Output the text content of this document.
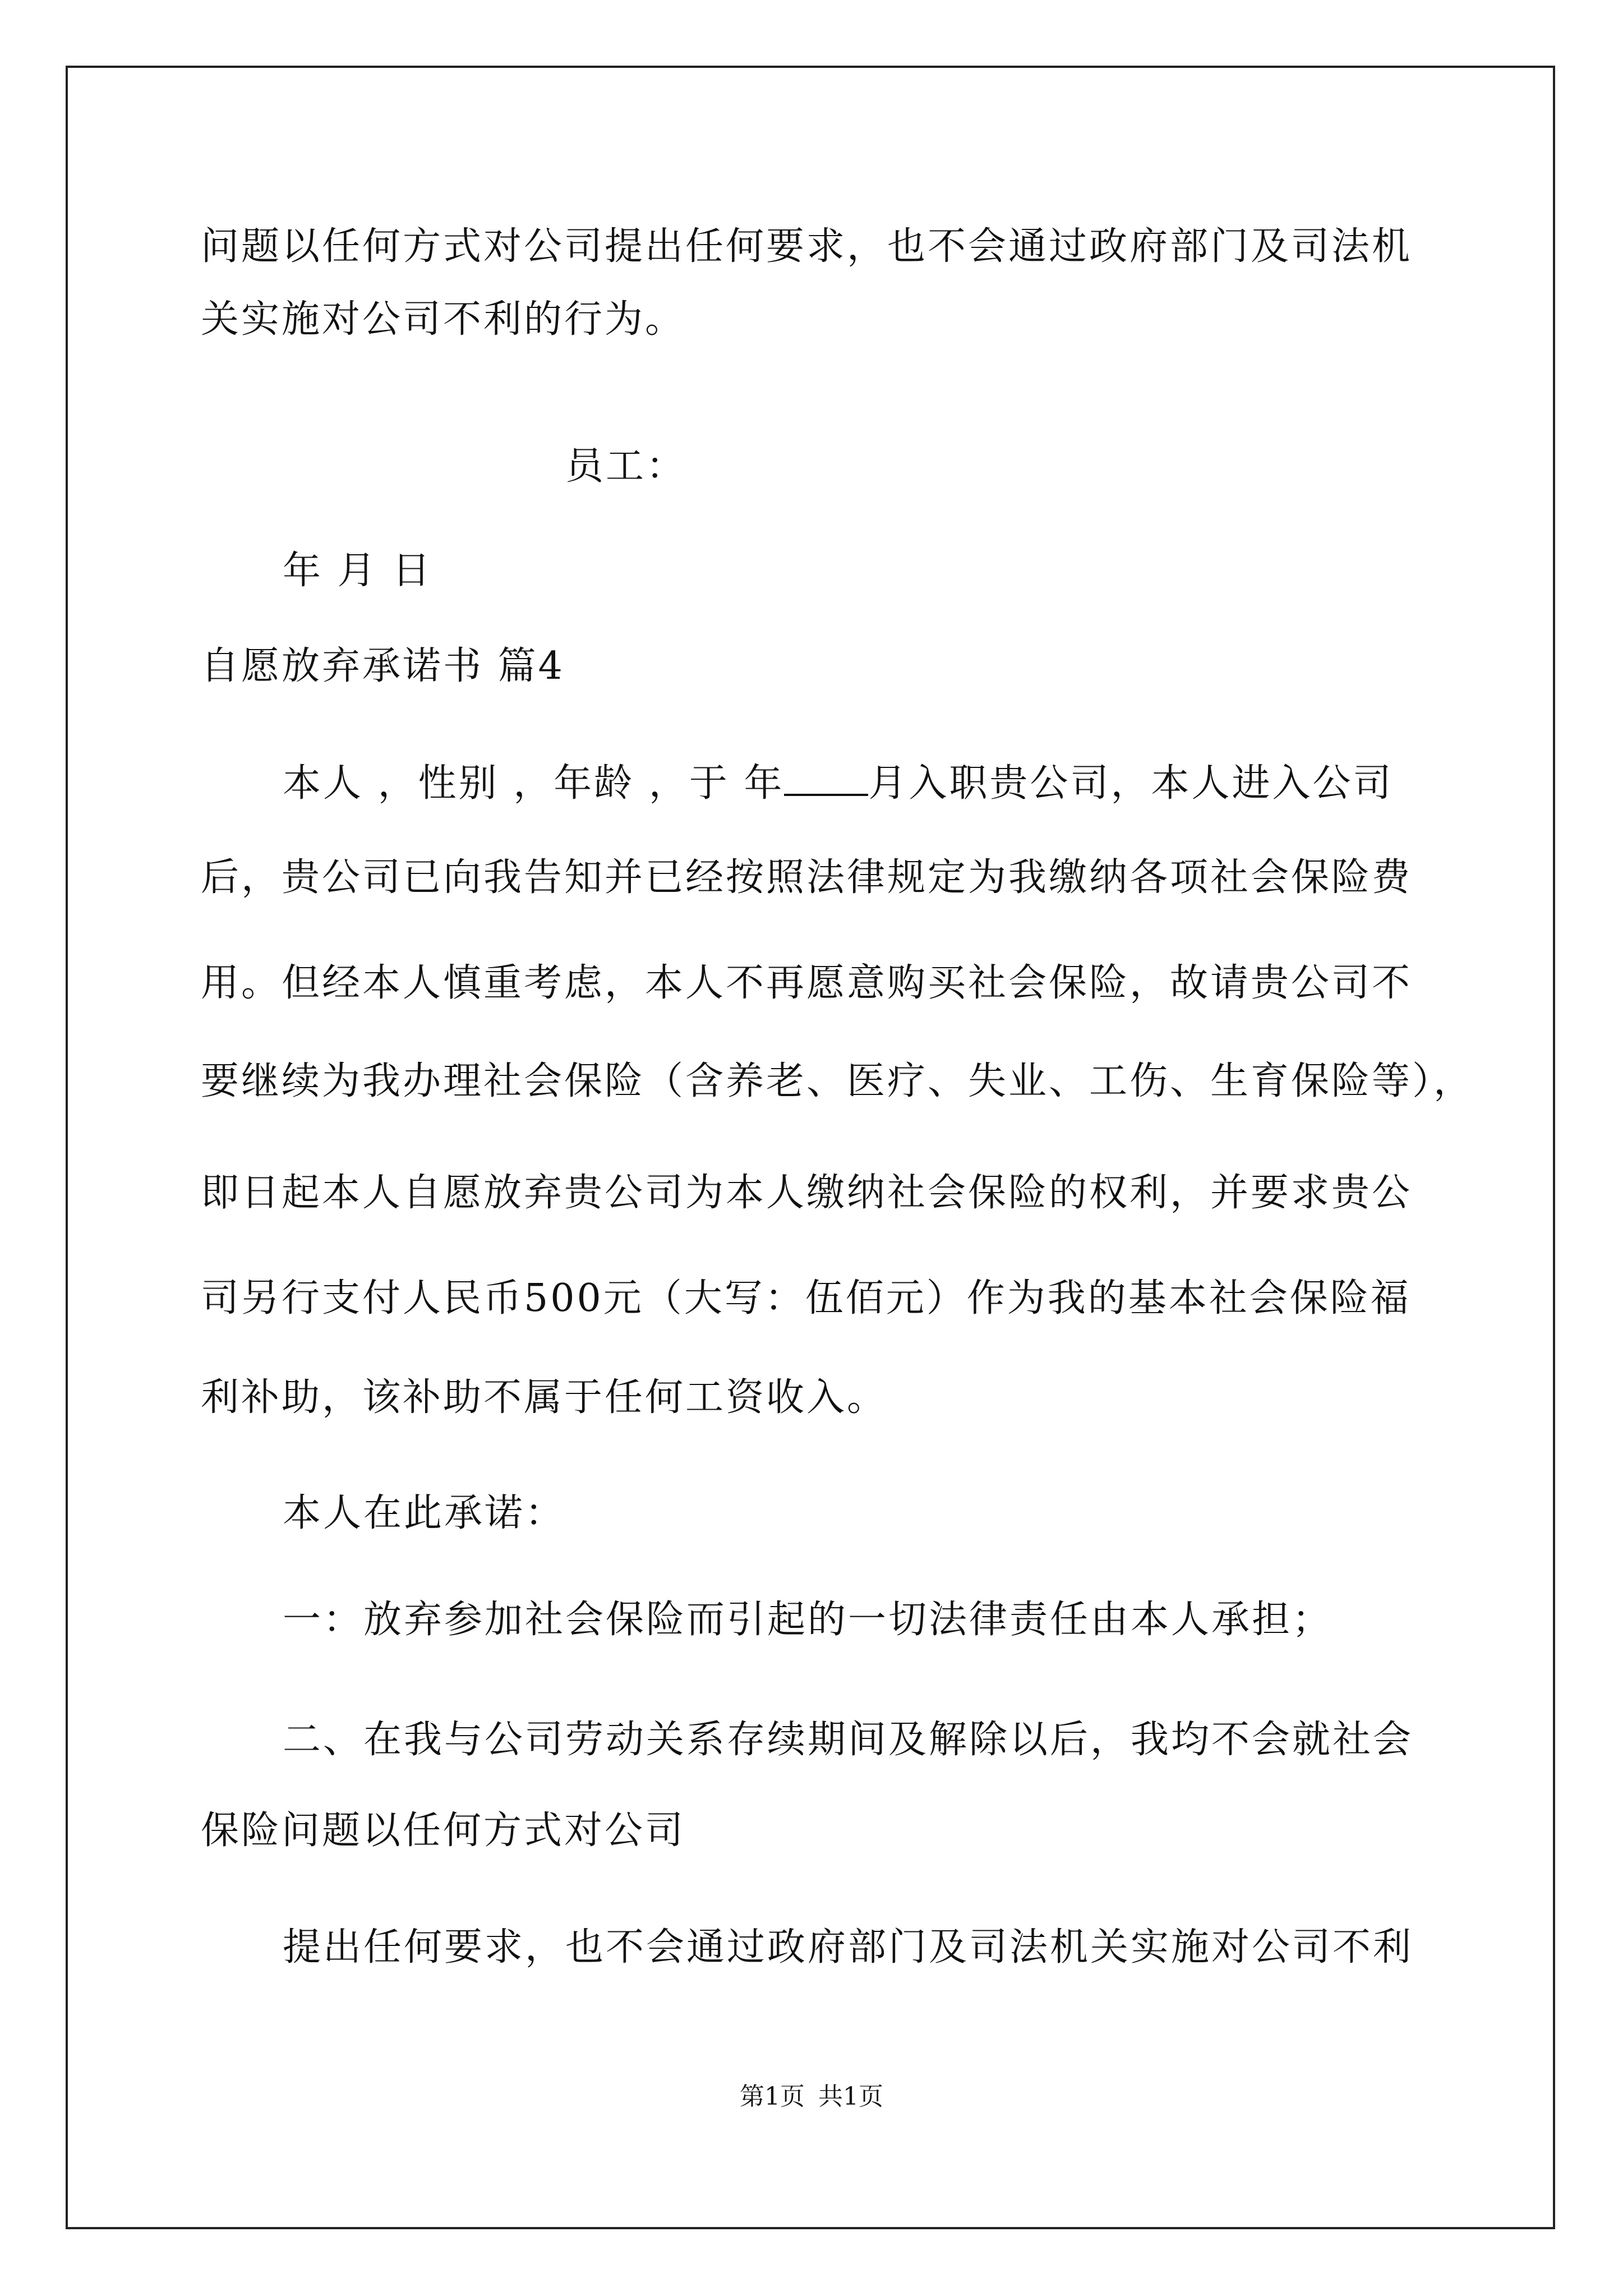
问题以任何方式对公司提出任何要求，也不会通过政府部门及司法机
关实施对公司不利的行为。
员工：
年 月 日
自愿放弃承诺书 篇4
本人 ，性别 ，年龄 ，于 年 月入职贵公司，本人进入公司
后，贵公司已向我告知并已经按照法律规定为我缴纳各项社会保险费
用。但经本人慎重考虑，本人不再愿意购买社会保险，故请贵公司不
要继续为我办理社会保险（含养老、医疗、失业、工伤、生育保险等），
即日起本人自愿放弃贵公司为本人缴纳社会保险的权利，并要求贵公
司另行支付人民币500元（大写：伍佰元）作为我的基本社会保险福
利补助，该补助不属于任何工资收入。
本人在此承诺：
一：放弃参加社会保险而引起的一切法律责任由本人承担；
二、在我与公司劳动关系存续期间及解除以后，我均不会就社会
保险问题以任何方式对公司
提出任何要求，也不会通过政府部门及司法机关实施对公司不利
第1页 共1页
